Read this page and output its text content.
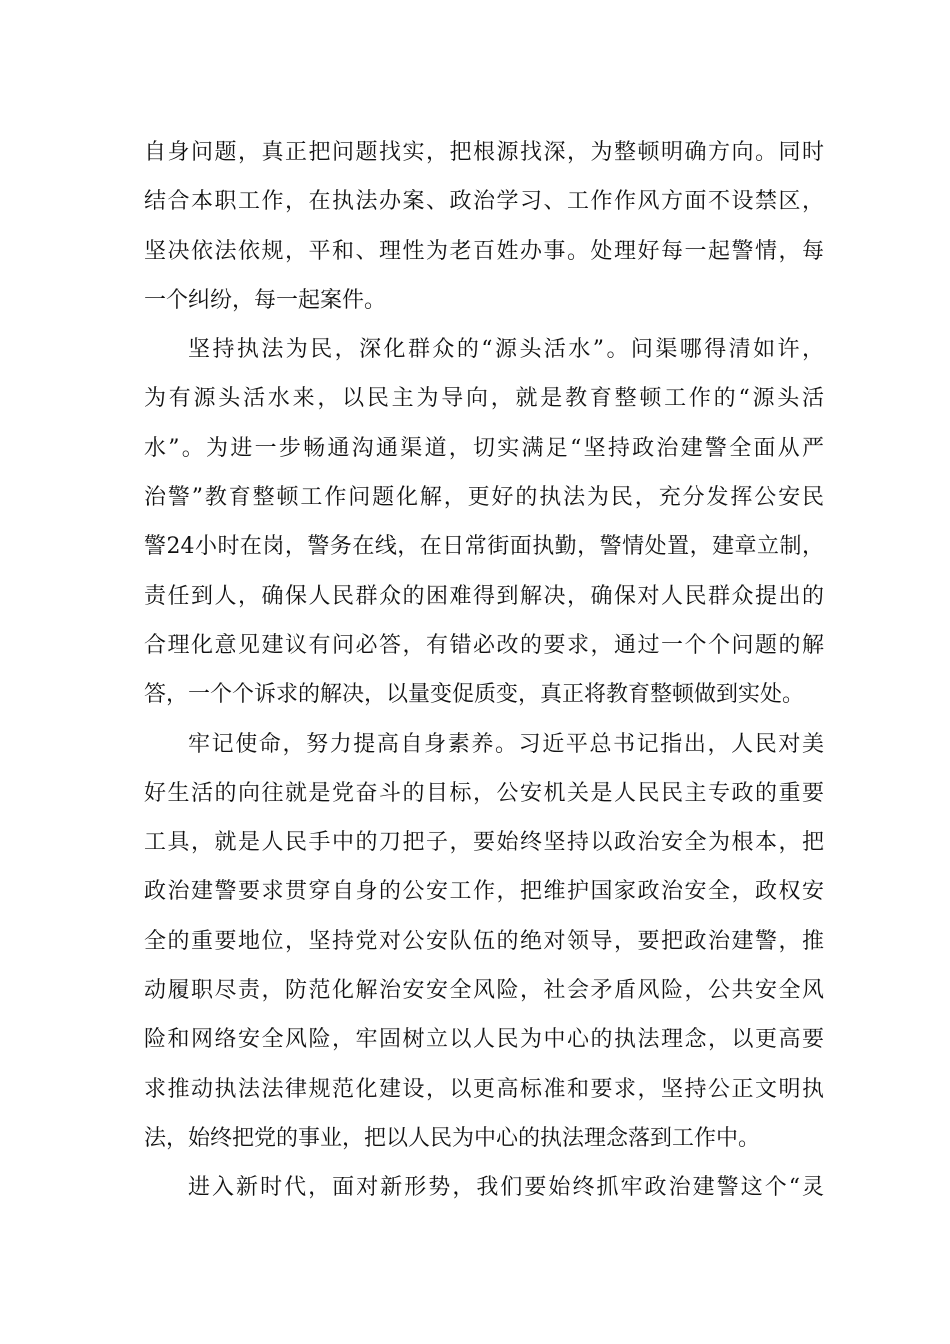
自身问题，真正把问题找实，把根源找深，为整顿明确方向。同时
结合本职工作，在执法办案、政治学习、工作作风方面不设禁区，
坚决依法依规，平和、理性为老百姓办事。处理好每一起警情，每
一个纠纷，每一起案件。
坚持执法为民，深化群众的“源头活水”。问渠哪得清如许，
为有源头活水来，以民主为导向，就是教育整顿工作的“源头活
水”。为进一步畅通沟通渠道，切实满足“坚持政治建警全面从严
治警”教育整顿工作问题化解，更好的执法为民，充分发挥公安民
警24小时在岗，警务在线，在日常街面执勤，警情处置，建章立制，
责任到人，确保人民群众的困难得到解决，确保对人民群众提出的
合理化意见建议有问必答，有错必改的要求，通过一个个问题的解
答，一个个诉求的解决，以量变促质变，真正将教育整顿做到实处。
牢记使命，努力提高自身素养。习近平总书记指出，人民对美
好生活的向往就是党奋斗的目标，公安机关是人民民主专政的重要
工具，就是人民手中的刀把子，要始终坚持以政治安全为根本，把
政治建警要求贯穿自身的公安工作，把维护国家政治安全，政权安
全的重要地位，坚持党对公安队伍的绝对领导，要把政治建警，推
动履职尽责，防范化解治安安全风险，社会矛盾风险，公共安全风
险和网络安全风险，牢固树立以人民为中心的执法理念，以更高要
求推动执法法律规范化建设，以更高标准和要求，坚持公正文明执
法，始终把党的事业，把以人民为中心的执法理念落到工作中。
进入新时代，面对新形势，我们要始终抓牢政治建警这个“灵
